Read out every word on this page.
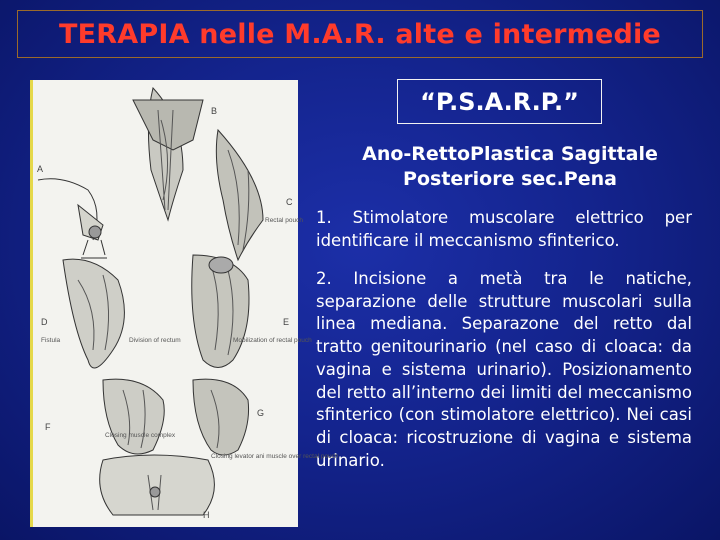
TERAPIA nelle M.A.R. alte e intermedie
“P.S.A.R.P.”
Ano-RettoPlastica Sagittale
Posteriore sec.Pena
1. Stimolatore muscolare elettrico per identificare il meccanismo sfinterico.
2. Incisione a metà tra le natiche, separazione delle strutture muscolari sulla linea mediana. Separazone del retto dal tratto genitourinario (nel caso di cloaca: da vagina e sistema urinario). Posizionamento del retto all’interno dei limiti del meccanismo sfinterico (con stimolatore elettrico). Nei casi di cloaca: ricostruzione di vagina e sistema urinario.
A
B
C
D	E
F
G
H
Rectal pouch
Fistula	Division of rectum	Mobilization of rectal pouch
Closing muscle complex
Closing levator ani muscle over rectal pouch
